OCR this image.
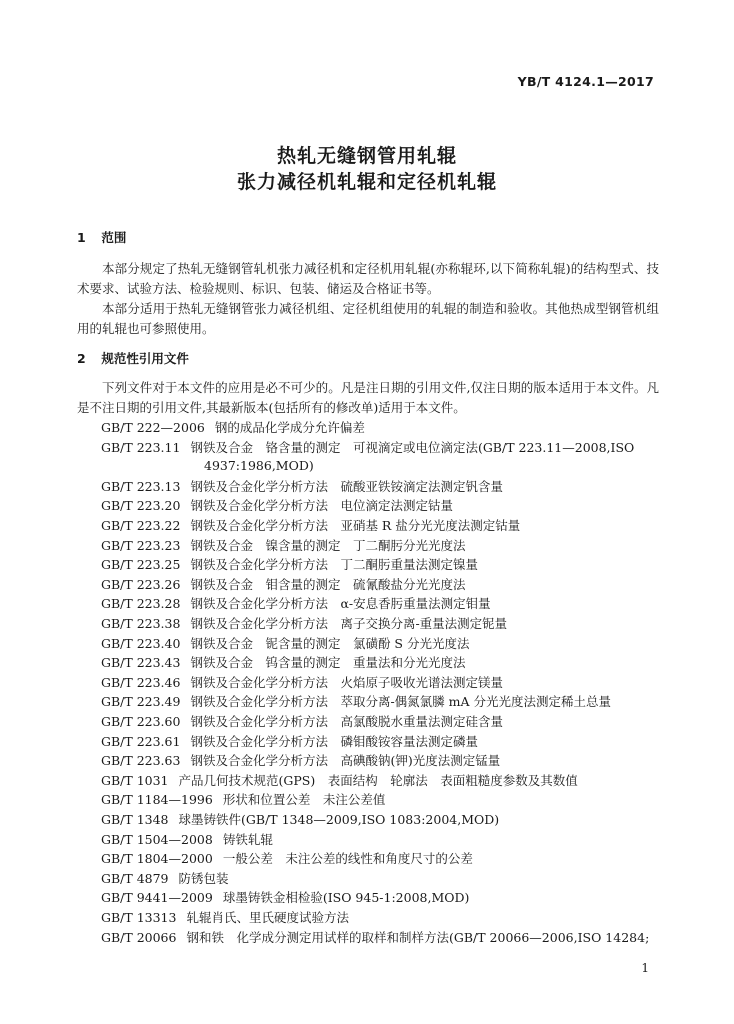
YB/T 4124.1—2017
热轧无缝钢管用轧辊
张力减径机轧辊和定径机轧辊
1 范围
本部分规定了热轧无缝钢管轧机张力减径机和定径机用轧辊(亦称辊环,以下简称轧辊)的结构型式、技术要求、试验方法、检验规则、标识、包装、储运及合格证书等。
本部分适用于热轧无缝钢管张力减径机组、定径机组使用的轧辊的制造和验收。其他热成型钢管机组用的轧辊也可参照使用。
2 规范性引用文件
下列文件对于本文件的应用是必不可少的。凡是注日期的引用文件,仅注日期的版本适用于本文件。凡是不注日期的引用文件,其最新版本(包括所有的修改单)适用于本文件。
GB/T 222—2006 钢的成品化学成分允许偏差
GB/T 223.11 钢铁及合金　铬含量的测定　可视滴定或电位滴定法(GB/T 223.11—2008,ISO
4937:1986,MOD)
GB/T 223.13 钢铁及合金化学分析方法　硫酸亚铁铵滴定法测定钒含量
GB/T 223.20 钢铁及合金化学分析方法　电位滴定法测定钴量
GB/T 223.22 钢铁及合金化学分析方法　亚硝基 R 盐分光光度法测定钴量
GB/T 223.23 钢铁及合金　镍含量的测定　丁二酮肟分光光度法
GB/T 223.25 钢铁及合金化学分析方法　丁二酮肟重量法测定镍量
GB/T 223.26 钢铁及合金　钼含量的测定　硫氰酸盐分光光度法
GB/T 223.28 钢铁及合金化学分析方法　α-安息香肟重量法测定钼量
GB/T 223.38 钢铁及合金化学分析方法　离子交换分离-重量法测定铌量
GB/T 223.40 钢铁及合金　铌含量的测定　氯磺酚 S 分光光度法
GB/T 223.43 钢铁及合金　钨含量的测定　重量法和分光光度法
GB/T 223.46 钢铁及合金化学分析方法　火焰原子吸收光谱法测定镁量
GB/T 223.49 钢铁及合金化学分析方法　萃取分离-偶氮氯膦 mA 分光光度法测定稀土总量
GB/T 223.60 钢铁及合金化学分析方法　高氯酸脱水重量法测定硅含量
GB/T 223.61 钢铁及合金化学分析方法　磷钼酸铵容量法测定磷量
GB/T 223.63 钢铁及合金化学分析方法　高碘酸钠(钾)光度法测定锰量
GB/T 1031 产品几何技术规范(GPS)　表面结构　轮廓法　表面粗糙度参数及其数值
GB/T 1184—1996 形状和位置公差　未注公差值
GB/T 1348 球墨铸铁件(GB/T 1348—2009,ISO 1083:2004,MOD)
GB/T 1504—2008 铸铁轧辊
GB/T 1804—2000 一般公差　未注公差的线性和角度尺寸的公差
GB/T 4879 防锈包装
GB/T 9441—2009 球墨铸铁金相检验(ISO 945-1:2008,MOD)
GB/T 13313 轧辊肖氏、里氏硬度试验方法
GB/T 20066 钢和铁　化学成分测定用试样的取样和制样方法(GB/T 20066—2006,ISO 14284;
1
